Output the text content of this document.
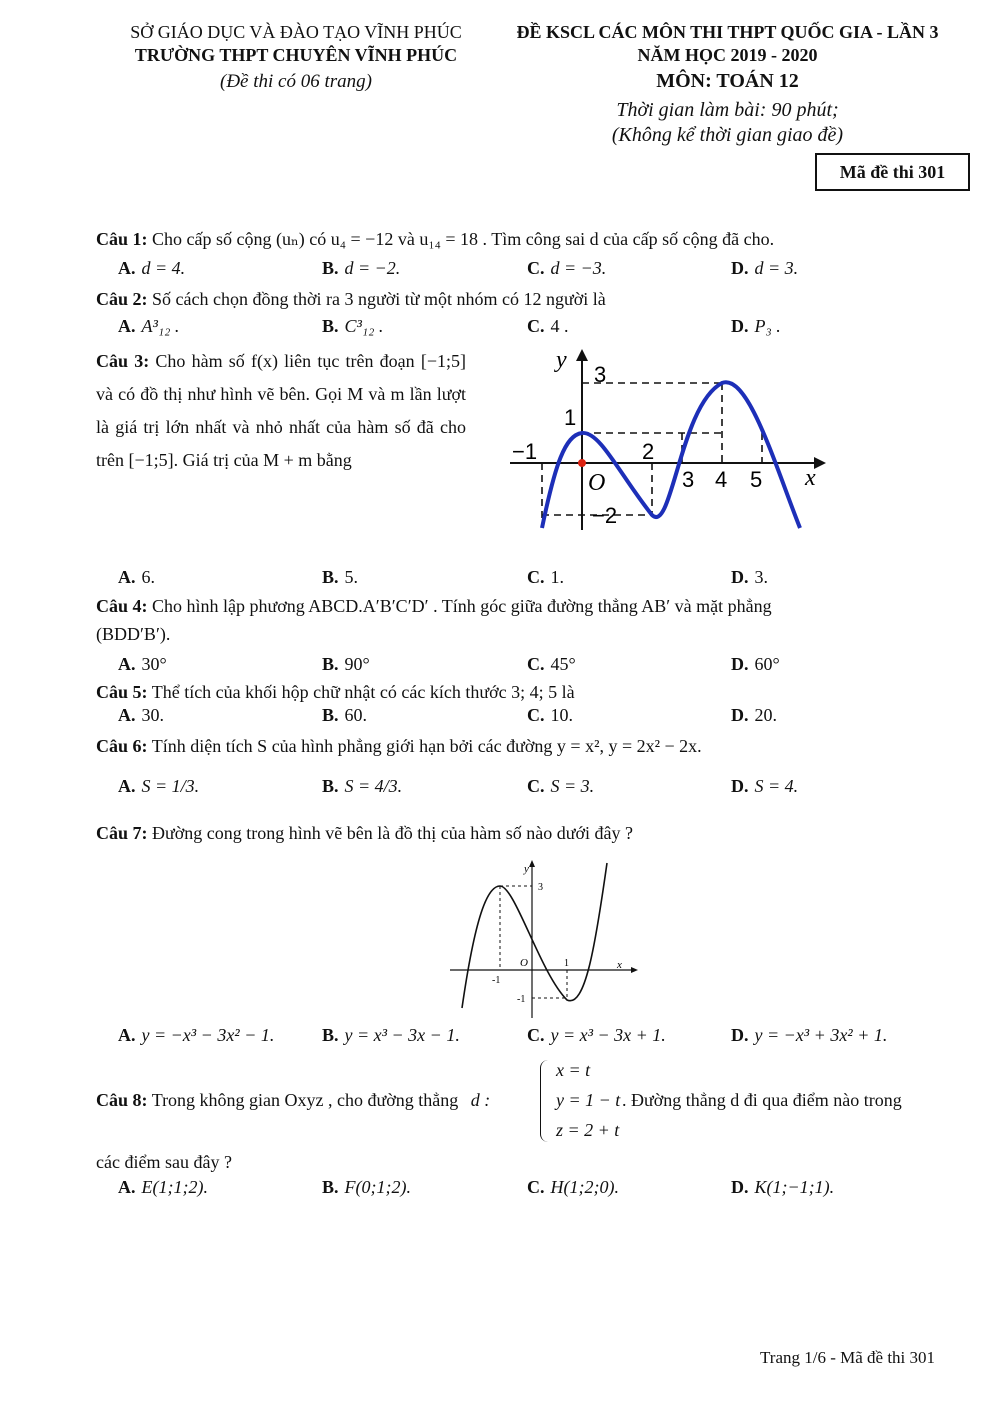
SỞ GIÁO DỤC VÀ ĐÀO TẠO VĨNH PHÚC
TRƯỜNG THPT CHUYÊN VĨNH PHÚC
(Đề thi có 06 trang)
ĐỀ KSCL CÁC MÔN THI THPT QUỐC GIA - LẦN 3
NĂM HỌC 2019 - 2020
MÔN: TOÁN 12
Thời gian làm bài: 90 phút;
(Không kể thời gian giao đề)
Mã đề thi 301
Câu 1: Cho cấp số cộng (uₙ) có u₄ = −12 và u₁₄ = 18 . Tìm công sai d của cấp số cộng đã cho.
A. d = 4.	B. d = −2.	C. d = −3.	D. d = 3.
Câu 2: Số cách chọn đồng thời ra 3 người từ một nhóm có 12 người là
A. A³₁₂ .	B. C³₁₂ .	C. 4 .	D. P₃ .
Câu 3: Cho hàm số f(x) liên tục trên đoạn [−1;5] và có đồ thị như hình vẽ bên. Gọi M và m lần lượt là giá trị lớn nhất và nhỏ nhất của hàm số đã cho trên [−1;5]. Giá trị của M + m bằng
y
x
O
3
1
−1	2
3 4 5
−2
A. 6.	B. 5.	C. 1.	D. 3.
Câu 4: Cho hình lập phương ABCD.A′B′C′D′ . Tính góc giữa đường thẳng AB′ và mặt phẳng
(BDD′B′).
A. 30°	B. 90°	C. 45°	D. 60°
Câu 5: Thể tích của khối hộp chữ nhật có các kích thước 3; 4; 5 là
A. 30.	B. 60.	C. 10.	D. 20.
Câu 6: Tính diện tích S của hình phẳng giới hạn bởi các đường y = x², y = 2x² − 2x.
A. S = 1/3.	B. S = 4/3.	C. S = 3.	D. S = 4.
Câu 7: Đường cong trong hình vẽ bên là đồ thị của hàm số nào dưới đây ?
y
x
O
3
1
-1
-1
A. y = −x³ − 3x² − 1.	B. y = x³ − 3x − 1.	C. y = x³ − 3x + 1.	D. y = −x³ + 3x² + 1.
Câu 8: Trong không gian Oxyz , cho đường thẳng d :
x = t
y = 1 − t
z = 2 + t
. Đường thẳng d đi qua điểm nào trong
các điểm sau đây ?
A. E(1;1;2).	B. F(0;1;2).	C. H(1;2;0).	D. K(1;−1;1).
Trang 1/6 - Mã đề thi 301
